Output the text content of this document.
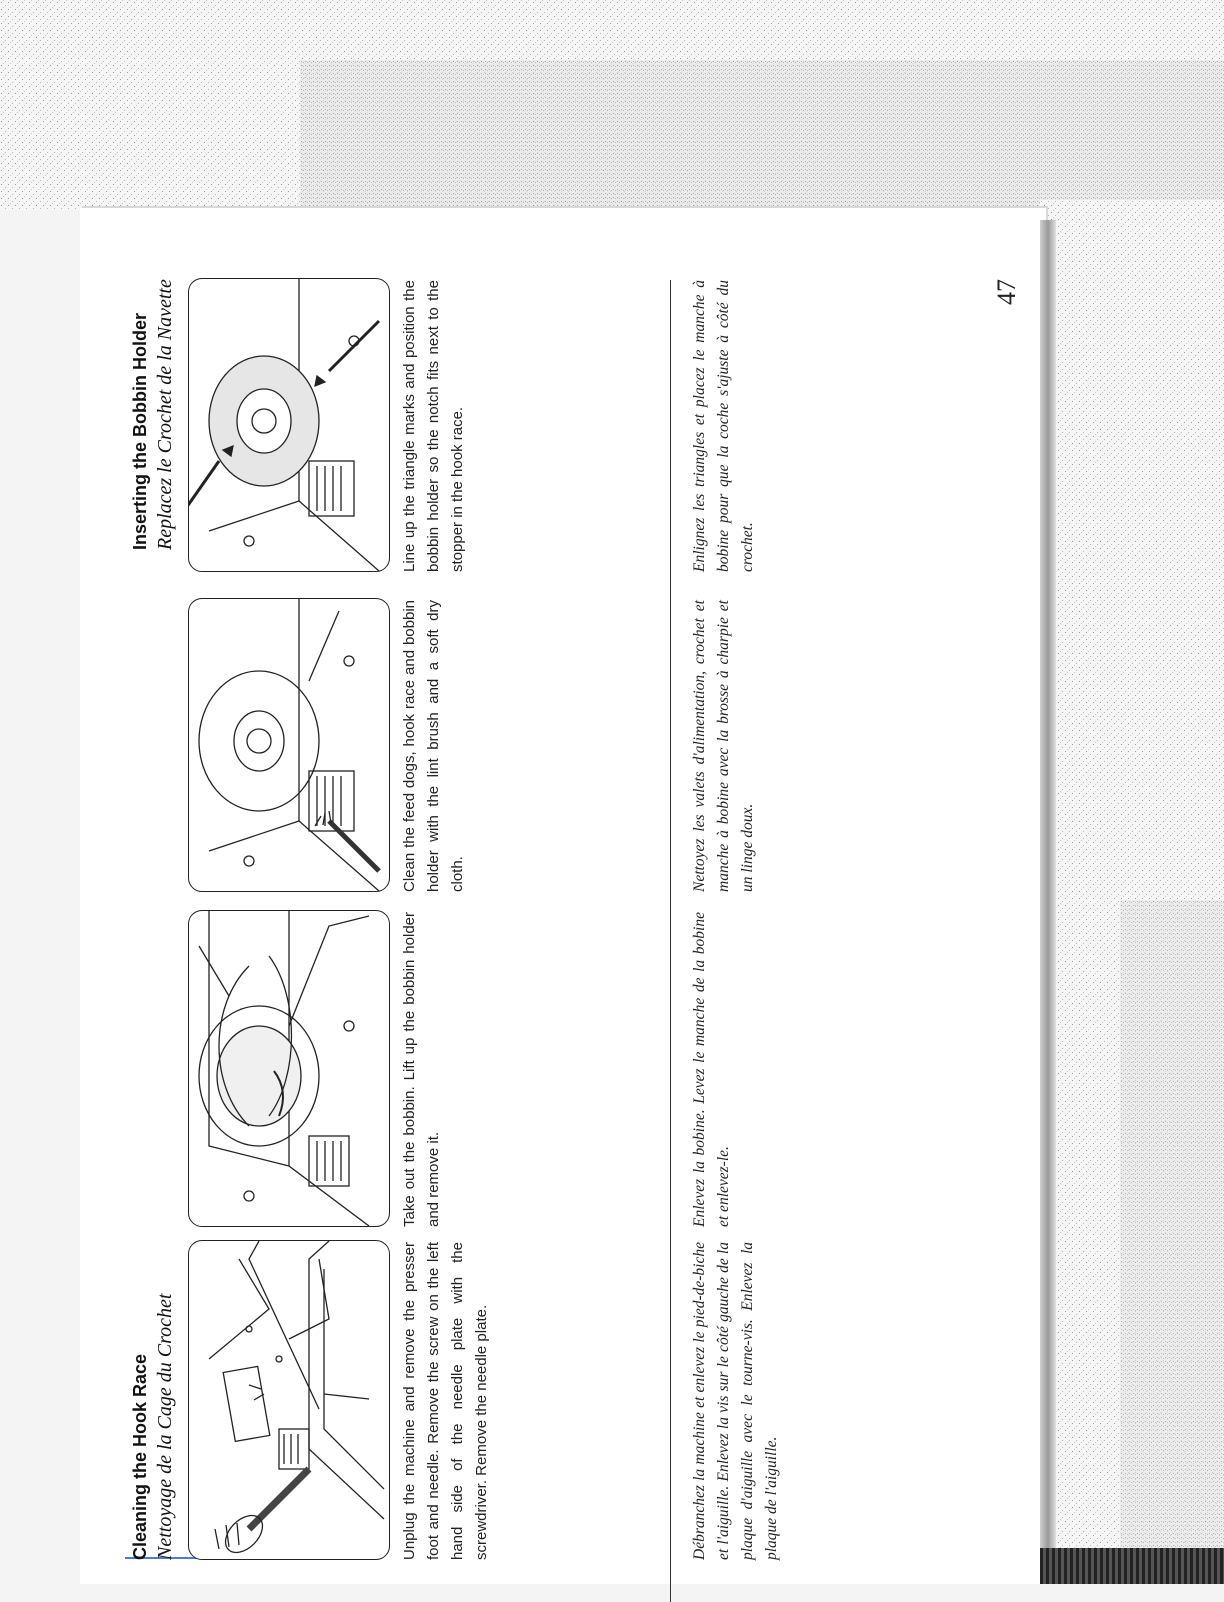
Cleaning the Hook Race Nettoyage de la Cage du Crochet
Inserting the Bobbin Holder Replacez le Crochet de la Navette
Unplug the machine and remove the presser foot and needle. Remove the screw on the left hand side of the needle plate with the screwdriver. Remove the needle plate.
Take out the bobbin. Lift up the bobbin holder and remove it.
Clean the feed dogs, hook race and bobbin holder with the lint brush and a soft dry cloth.
Line up the triangle marks and position the bobbin holder so the notch fits next to the stopper in the hook race.
Débranchez la machine et enlevez le pied-de-biche et l'aiguille. Enlevez la vis sur le côté gauche de la plaque d'aiguille avec le tourne-vis. Enlevez la plaque de l'aiguille.
Enlevez la bobine. Levez le manche de la bobine et enlevez-le.
Nettoyez les valets d'alimentation, crochet et manche à bobine avec la brosse à charpie et un linge doux.
Enlignez les triangles et placez le manche à bobine pour que la coche s'ajuste à côté du crochet.
47
